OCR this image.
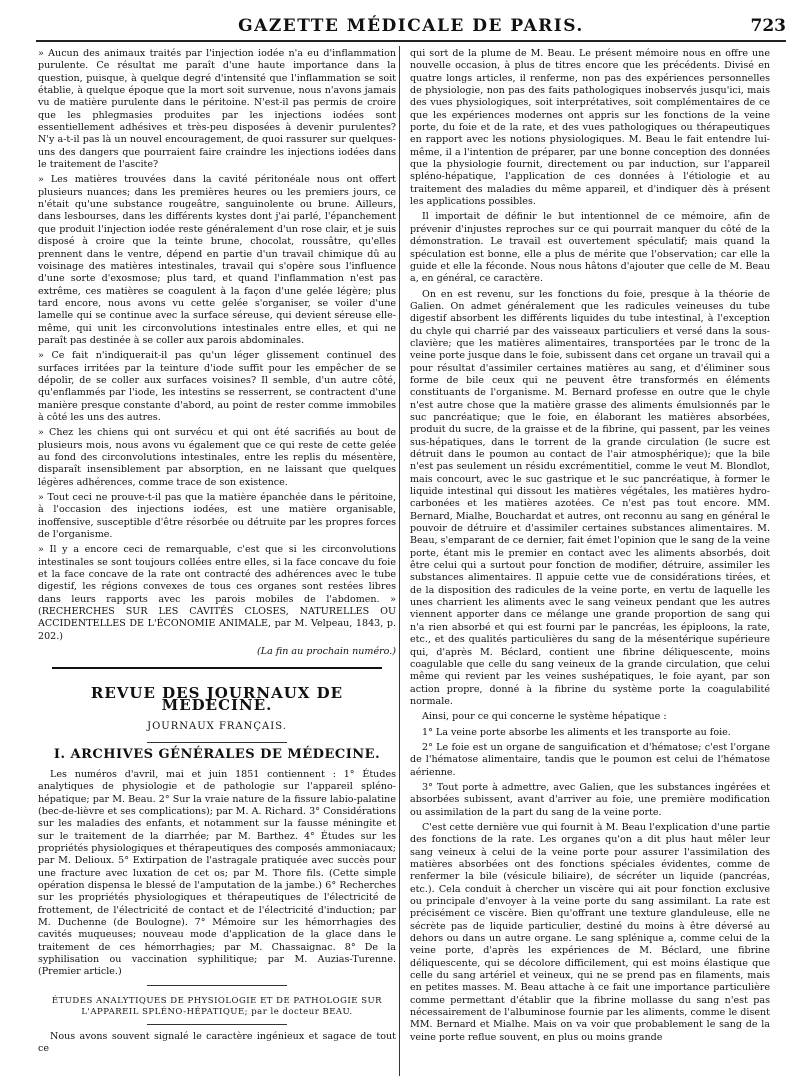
GAZETTE MÉDICALE DE PARIS.	723

» Aucun des animaux traités par l'injection iodée n'a eu d'inflammation purulente. Ce résultat me paraît d'une haute importance dans la question, puisque, à quelque degré d'intensité que l'inflammation se soit établie, à quelque époque que la mort soit survenue, nous n'avons jamais vu de matière purulente dans le péritoine. N'est-il pas permis de croire que les phlegmasies produites par les injections iodées sont essentiellement adhésives et très-peu disposées à devenir purulentes? N'y a-t-il pas là un nouvel encouragement, de quoi rassurer sur quelques-uns des dangers que pourraient faire craindre les injections iodées dans le traitement de l'ascite?

» Les matières trouvées dans la cavité péritonéale nous ont offert plusieurs nuances; dans les premières heures ou les premiers jours, ce n'était qu'une substance rougeâtre, sanguinolente ou brune. Ailleurs, dans lesbourses, dans les différents kystes dont j'ai parlé, l'épanchement que produit l'injection iodée reste généralement d'un rose clair, et je suis disposé à croire que la teinte brune, chocolat, roussâtre, qu'elles prennent dans le ventre, dépend en partie d'un travail chimique dû au voisinage des matières intestinales, travail qui s'opère sous l'influence d'une sorte d'exosmose; plus tard, et quand l'inflammation n'est pas extrême, ces matières se coagulent à la façon d'une gelée légère; plus tard encore, nous avons vu cette gelée s'organiser, se voiler d'une lamelle qui se continue avec la surface séreuse, qui devient séreuse elle-même, qui unit les circonvolutions intestinales entre elles, et qui ne paraît pas destinée à se coller aux parois abdominales.

» Ce fait n'indiquerait-il pas qu'un léger glissement continuel des surfaces irritées par la teinture d'iode suffit pour les empêcher de se dépolir, de se coller aux surfaces voisines? Il semble, d'un autre côté, qu'enflammés par l'iode, les intestins se resserrent, se contractent d'une manière presque constante d'abord, au point de rester comme immobiles à côté les uns des autres.

» Chez les chiens qui ont survécu et qui ont été sacrifiés au bout de plusieurs mois, nous avons vu également que ce qui reste de cette gelée au fond des circonvolutions intestinales, entre les replis du mésentère, disparaît insensiblement par absorption, en ne laissant que quelques légères adhérences, comme trace de son existence.

» Tout ceci ne prouve-t-il pas que la matière épanchée dans le péritoine, à l'occasion des injections iodées, est une matière organisable, inoffensive, susceptible d'être résorbée ou détruite par les propres forces de l'organisme.

» Il y a encore ceci de remarquable, c'est que si les circonvolutions intestinales se sont toujours collées entre elles, si la face concave du foie et la face concave de la rate ont contracté des adhérences avec le tube digestif, les régions convexes de tous ces organes sont restées libres dans leurs rapports avec les parois mobiles de l'abdomen. » (RECHERCHES SUR LES CAVITÉS CLOSES, NATURELLES OU ACCIDENTELLES DE L'ÉCONOMIE ANIMALE, par M. Velpeau, 1843, p. 202.)

(La fin au prochain numéro.)

REVUE DES JOURNAUX DE MÉDECINE.
JOURNAUX FRANÇAIS.
I. ARCHIVES GÉNÉRALES DE MÉDECINE.

Les numéros d'avril, mai et juin 1851 contiennent : 1° Études analytiques de physiologie et de pathologie sur l'appareil spléno-hépatique; par M. Beau. 2° Sur la vraie nature de la fissure labio-palatine (bec-de-lièvre et ses complications); par M. A. Richard. 3° Considérations sur les maladies des enfants, et notamment sur la fausse méningite et sur le traitement de la diarrhée; par M. Barthez. 4° Études sur les propriétés physiologiques et thérapeutiques des composés ammoniacaux; par M. Delioux. 5° Extirpation de l'astragale pratiquée avec succès pour une fracture avec luxation de cet os; par M. Thore fils. (Cette simple opération dispensa le blessé de l'amputation de la jambe.) 6° Recherches sur les propriétés physiologiques et thérapeutiques de l'électricité de frottement, de l'électricité de contact et de l'électricité d'induction; par M. Duchenne (de Boulogne). 7° Mémoire sur les hémorrhagies des cavités muqueuses; nouveau mode d'application de la glace dans le traitement de ces hémorrhagies; par M. Chassaignac. 8° De la syphilisation ou vaccination syphilitique; par M. Auzias-Turenne. (Premier article.)

ÉTUDES ANALYTIQUES DE PHYSIOLOGIE ET DE PATHOLOGIE SUR L'APPAREIL SPLÉNO-HÉPATIQUE; par le docteur BEAU.

Nous avons souvent signalé le caractère ingénieux et sagace de tout ce

qui sort de la plume de M. Beau. Le présent mémoire nous en offre une nouvelle occasion, à plus de titres encore que les précédents. Divisé en quatre longs articles, il renferme, non pas des expériences personnelles de physiologie, non pas des faits pathologiques inobservés jusqu'ici, mais des vues physiologiques, soit interprétatives, soit complémentaires de ce que les expériences modernes ont appris sur les fonctions de la veine porte, du foie et de la rate, et des vues pathologiques ou thérapeutiques en rapport avec les notions physiologiques. M. Beau le fait entendre lui-même, il a l'intention de préparer, par une bonne conception des données que la physiologie fournit, directement ou par induction, sur l'appareil spléno-hépatique, l'application de ces données à l'étiologie et au traitement des maladies du même appareil, et d'indiquer dès à présent les applications possibles.

Il importait de définir le but intentionnel de ce mémoire, afin de prévenir d'injustes reproches sur ce qui pourrait manquer du côté de la démonstration. Le travail est ouvertement spéculatif; mais quand la spéculation est bonne, elle a plus de mérite que l'observation; car elle la guide et elle la féconde. Nous nous hâtons d'ajouter que celle de M. Beau a, en général, ce caractère.

On en est revenu, sur les fonctions du foie, presque à la théorie de Galien. On admet généralement que les radicules veineuses du tube digestif absorbent les différents liquides du tube intestinal, à l'exception du chyle qui charrié par des vaisseaux particuliers et versé dans la sous-clavière; que les matières alimentaires, transportées par le tronc de la veine porte jusque dans le foie, subissent dans cet organe un travail qui a pour résultat d'assimiler certaines matières au sang, et d'éliminer sous forme de bile ceux qui ne peuvent être transformés en éléments constituants de l'organisme. M. Bernard professe en outre que le chyle n'est autre chose que la matière grasse des aliments émulsionnés par le suc pancréatique; que le foie, en élaborant les matières absorbées, produit du sucre, de la graisse et de la fibrine, qui passent, par les veines sus-hépatiques, dans le torrent de la grande circulation (le sucre est détruit dans le poumon au contact de l'air atmosphérique); que la bile n'est pas seulement un résidu excrémentitiel, comme le veut M. Blondlot, mais concourt, avec le suc gastrique et le suc pancréatique, à former le liquide intestinal qui dissout les matières végétales, les matières hydro-carbonées et les matières azotées. Ce n'est pas tout encore. MM. Bernard, Mialhe, Bouchardat et autres, ont reconnu au sang en général le pouvoir de détruire et d'assimiler certaines substances alimentaires. M. Beau, s'emparant de ce dernier, fait émet l'opinion que le sang de la veine porte, étant mis le premier en contact avec les aliments absorbés, doit être celui qui a surtout pour fonction de modifier, détruire, assimiler les substances alimentaires. Il appuie cette vue de considérations tirées, et de la disposition des radicules de la veine porte, en vertu de laquelle les unes charrient les aliments avec le sang veineux pendant que les autres viennent apporter dans ce mélange une grande proportion de sang qui n'a rien absorbé et qui est fourni par le pancréas, les épiploons, la rate, etc., et des qualités particulières du sang de la mésentérique supérieure qui, d'après M. Béclard, contient une fibrine déliquescente, moins coagulable que celle du sang veineux de la grande circulation, que celui même qui revient par les veines sushépatiques, le foie ayant, par son action propre, donné à la fibrine du système porte la coagulabilité normale.

Ainsi, pour ce qui concerne le système hépatique :

1° La veine porte absorbe les aliments et les transporte au foie.

2° Le foie est un organe de sanguification et d'hématose; c'est l'organe de l'hématose alimentaire, tandis que le poumon est celui de l'hématose aérienne.

3° Tout porte à admettre, avec Galien, que les substances ingérées et absorbées subissent, avant d'arriver au foie, une première modification ou assimilation de la part du sang de la veine porte.

C'est cette dernière vue qui fournit à M. Beau l'explication d'une partie des fonctions de la rate. Les organes qu'on a dit plus haut mêler leur sang veineux à celui de la veine porte pour assurer l'assimilation des matières absorbées ont des fonctions spéciales évidentes, comme de renfermer la bile (vésicule biliaire), de sécréter un liquide (pancréas, etc.). Cela conduit à chercher un viscère qui ait pour fonction exclusive ou principale d'envoyer à la veine porte du sang assimilant. La rate est précisément ce viscère. Bien qu'offrant une texture glanduleuse, elle ne sécrète pas de liquide particulier, destiné du moins à être déversé au dehors ou dans un autre organe. Le sang splénique a, comme celui de la veine porte, d'après les expériences de M. Béclard, une fibrine déliquescente, qui se décolore difficilement, qui est moins élastique que celle du sang artériel et veineux, qui ne se prend pas en filaments, mais en petites masses. M. Beau attache à ce fait une importance particulière comme permettant d'établir que la fibrine mollasse du sang n'est pas nécessairement de l'albuminose fournie par les aliments, comme le disent MM. Bernard et Mialhe. Mais on va voir que probablement le sang de la veine porte reflue souvent, en plus ou moins grande
